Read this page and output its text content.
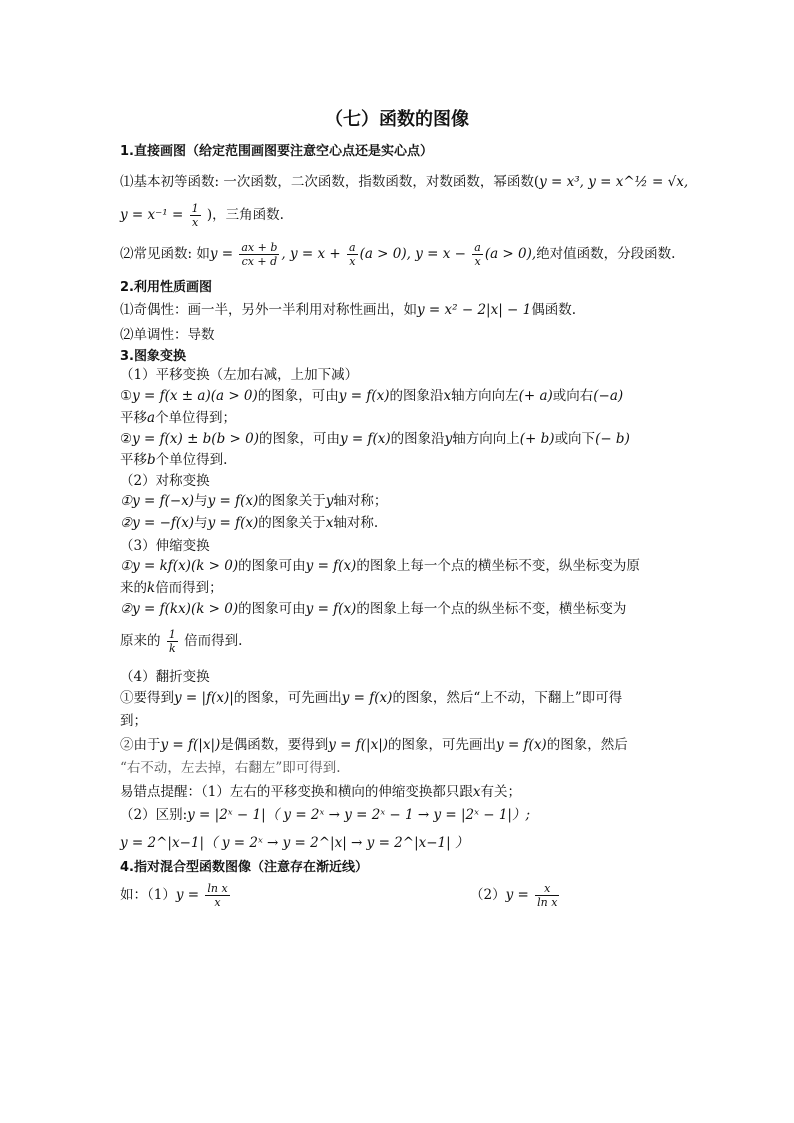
（七）函数的图像
1.直接画图（给定范围画图要注意空心点还是实心点）
⑴基本初等函数: 一次函数，二次函数，指数函数，对数函数，幂函数(y = x³, y = x^½ = √x,
$y = x^{-1} = \frac{1}{x}$ )，三角函数.
⑵常见函数: 如$y = \frac{ax + b}{cx + d}$ , $y = x + \frac{a}{x} (a > 0)$, $y = x - \frac{a}{x} (a > 0)$,绝对值函数，分段函数.
2.利用性质画图
⑴奇偶性：画一半，另外一半利用对称性画出，如y = x² − 2|x| − 1偶函数.
⑵单调性：导数
3.图象变换
（1）平移变换（左加右减，上加下减）
①y = f(x ± a)(a > 0)的图象，可由y = f(x)的图象沿x轴方向向左(+ a)或向右(−a)
平移a个单位得到；
②y = f(x) ± b(b > 0)的图象，可由y = f(x)的图象沿y轴方向向上(+ b)或向下(− b)
平移b个单位得到.
（2）对称变换
①y = f(−x)与y = f(x)的图象关于y轴对称；
②y = −f(x)与y = f(x)的图象关于x轴对称.
（3）伸缩变换
①y = kf(x)(k > 0)的图象可由y = f(x)的图象上每一个点的横坐标不变，纵坐标变为原
来的k倍而得到；
②y = f(kx)(k > 0)的图象可由y = f(x)的图象上每一个点的纵坐标不变，横坐标变为
原来的 $\frac{1}{k}$ 倍而得到.
（4）翻折变换
①要得到y = |f(x)|的图象，可先画出y = f(x)的图象，然后“上不动，下翻上”即可得
到；
②由于y = f(|x|)是偶函数，要得到y = f(|x|)的图象，可先画出y = f(x)的图象，然后
“右不动，左去掉，右翻左”即可得到.
易错点提醒：（1）左右的平移变换和横向的伸缩变换都只跟x有关；
（2）区别:y = |2ˣ − 1|（ y = 2ˣ → y = 2ˣ − 1 → y = |2ˣ − 1|）;
y = 2^|x−1|（ y = 2ˣ → y = 2^|x| → y = 2^|x−1| ）
4.指对混合型函数图像（注意存在渐近线）
如：$(1)y = \frac{\text{ln x}}{x}$	$(2)y = \frac{x}{\text{ln x}}$
